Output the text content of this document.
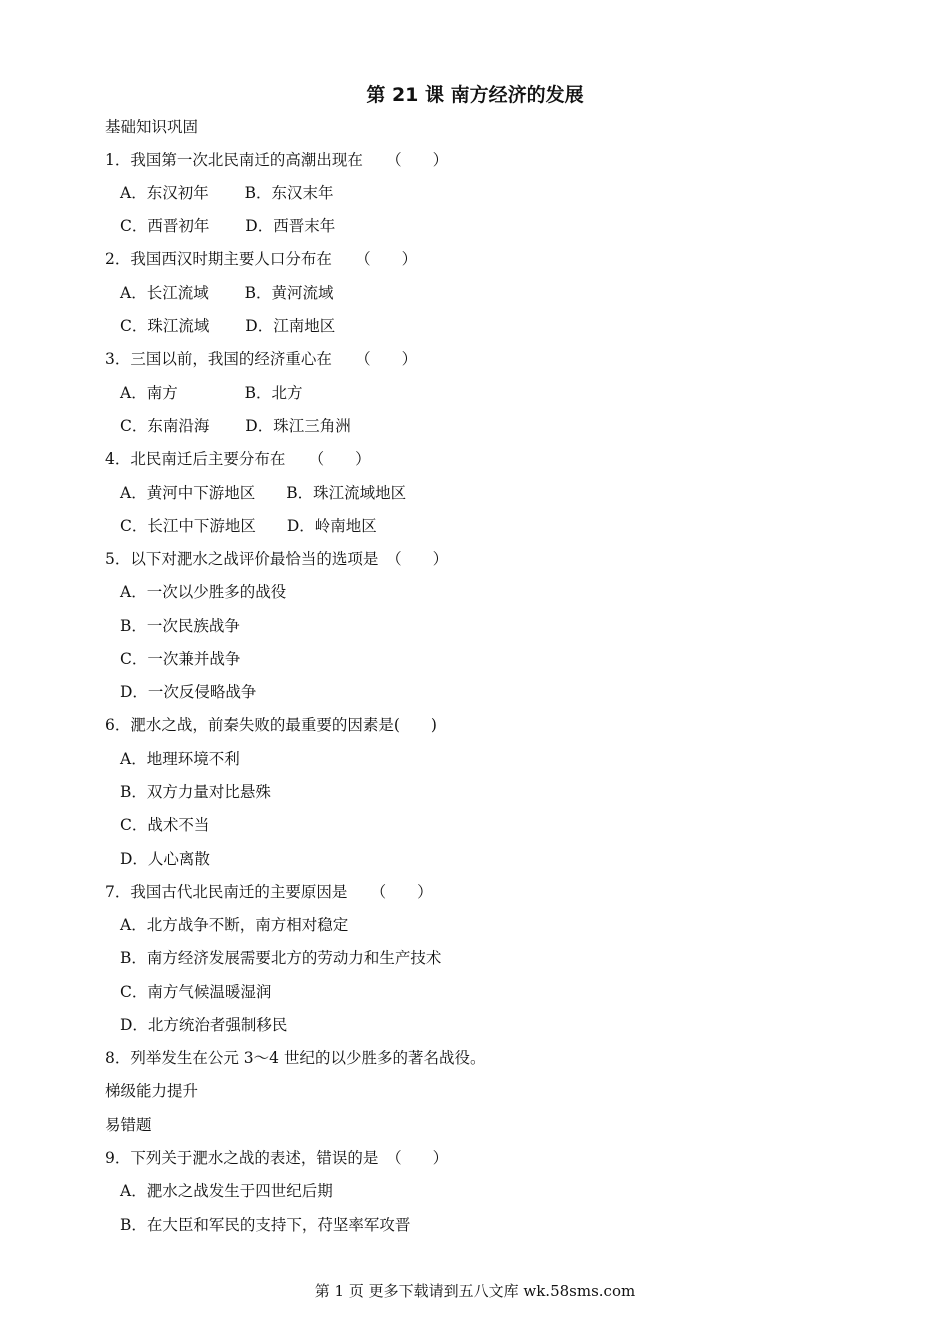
第 21 课 南方经济的发展
基础知识巩固
1．我国第一次北民南迁的高潮出现在　　（　　）
A．东汉初年　　 B．东汉末年
C．西晋初年　　 D．西晋末年
2．我国西汉时期主要人口分布在　　（　　）
A．长江流域　　 B．黄河流域
C．珠江流域　　 D．江南地区
3．三国以前，我国的经济重心在　　（　　）
A．南方　　　　 B．北方
C．东南沿海　　 D．珠江三角洲
4．北民南迁后主要分布在　　（　　）
A．黄河中下游地区　　B．珠江流域地区
C．长江中下游地区　　D．岭南地区
5．以下对淝水之战评价最恰当的选项是　（　　）
A．一次以少胜多的战役
B．一次民族战争
C．一次兼并战争
D．一次反侵略战争
6．淝水之战，前秦失败的最重要的因素是(　　)
A．地理环境不利
B．双方力量对比悬殊
C．战术不当
D．人心离散
7．我国古代北民南迁的主要原因是　　（　　）
A．北方战争不断，南方相对稳定
B．南方经济发展需要北方的劳动力和生产技术
C．南方气候温暖湿润
D．北方统治者强制移民
8．列举发生在公元 3～4 世纪的以少胜多的著名战役。
梯级能力提升
易错题
9．下列关于淝水之战的表述，错误的是　（　　）
A．淝水之战发生于四世纪后期
B．在大臣和军民的支持下，苻坚率军攻晋
第 1 页 更多下载请到五八文库 wk.58sms.com
